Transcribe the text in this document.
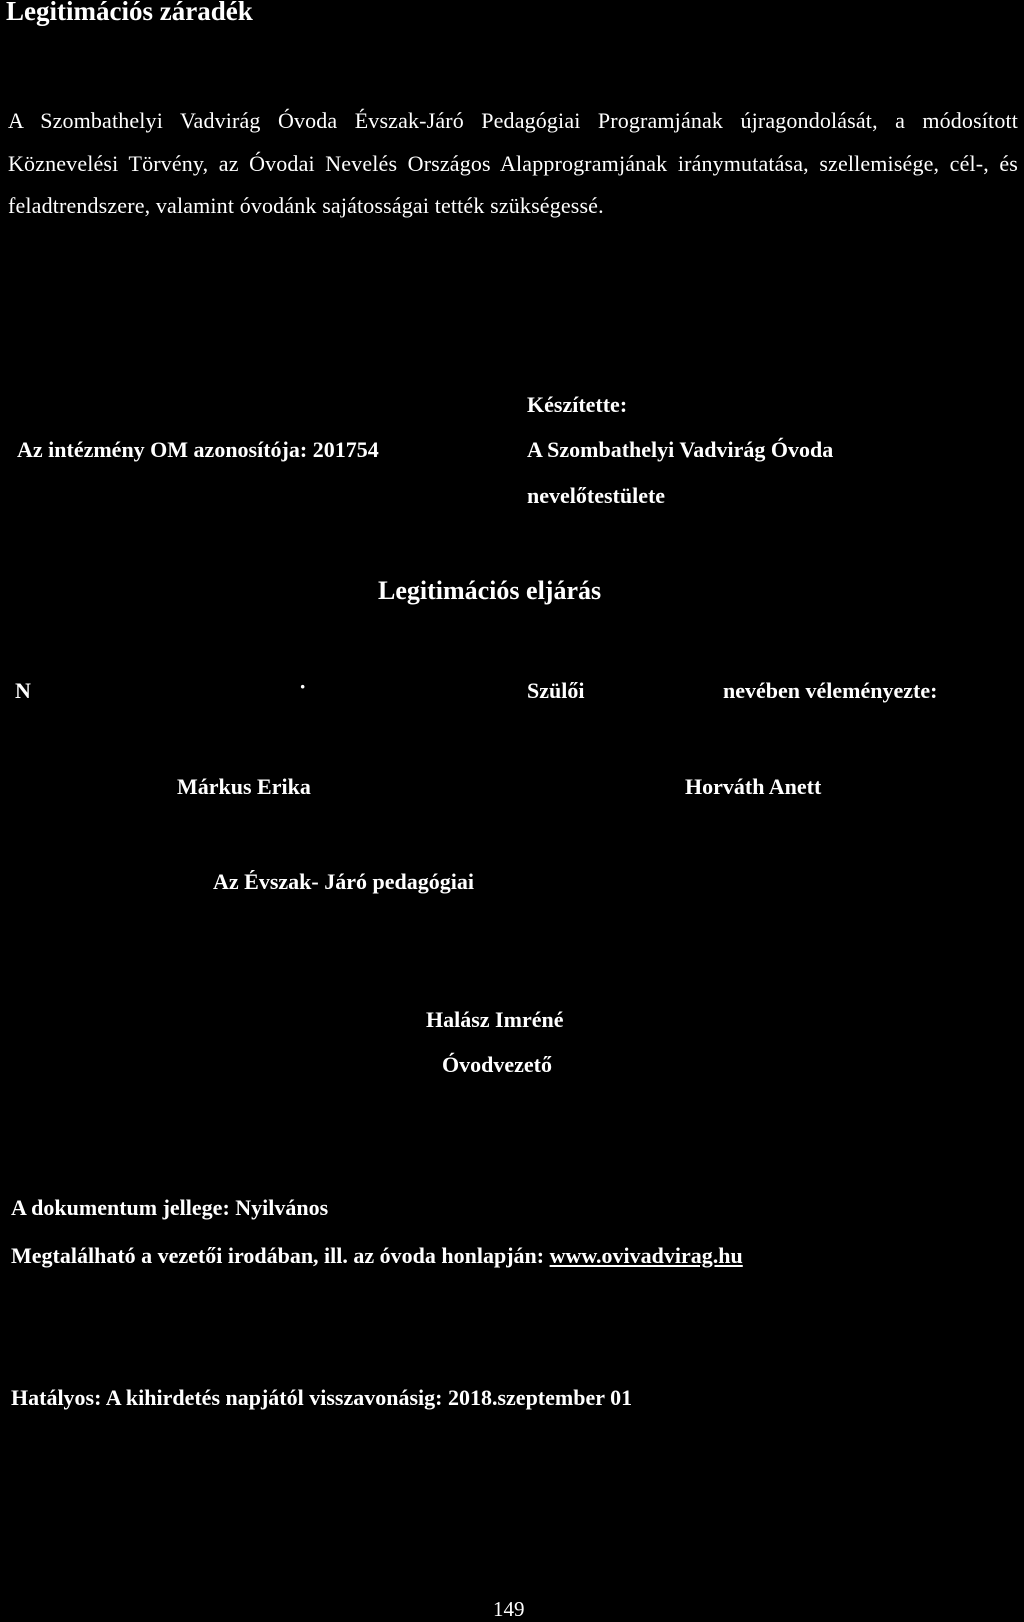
Legitimációs záradék
A Szombathelyi Vadvirág Óvoda Évszak-Járó Pedagógiai Programjának újragondolását, a módosított Köznevelési Törvény, az Óvodai Nevelés Országos Alapprogramjának iránymutatása, szellemisége, cél-, és feladtrendszere, valamint óvodánk sajátosságai tették szükségessé.
Készítette:
Az intézmény OM azonosítója: 201754	A Szombathelyi Vadvirág Óvoda
nevelőtestülete
Legitimációs eljárás
N	·	Szülői	nevében véleményezte:
Márkus Erika	Horváth Anett
Az Évszak- Járó pedagógiai
Halász Imréné
Óvodvezető
A dokumentum jellege: Nyilvános
Megtalálható a vezetői irodában, ill. az óvoda honlapján: www.ovivadvirag.hu
Hatályos: A kihirdetés napjától visszavonásig: 2018.szeptember 01
149
